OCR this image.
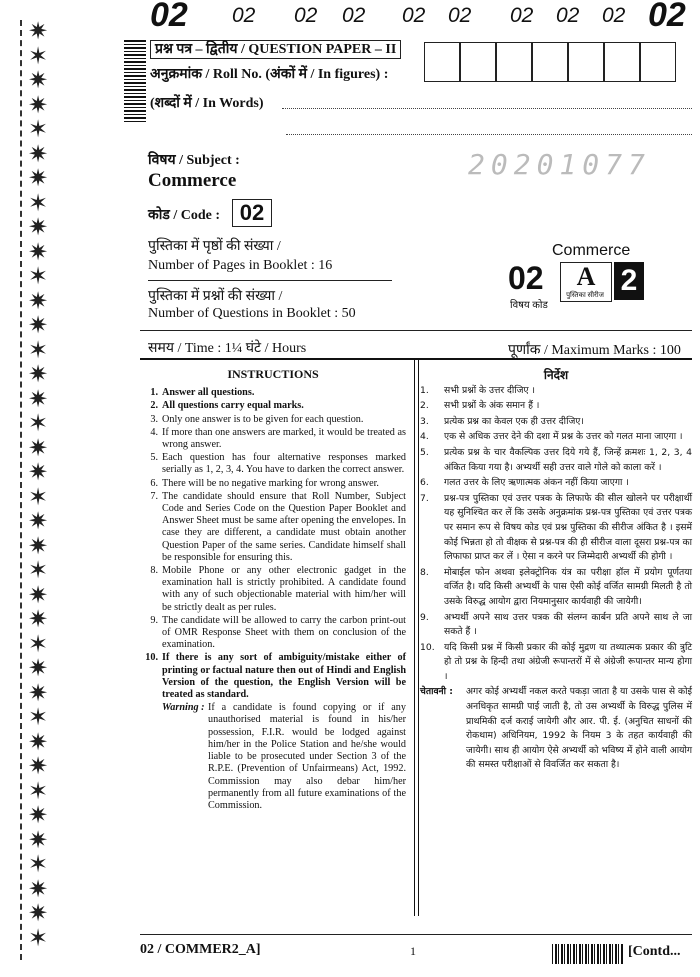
02 02 02 02 02 02 02 02 02 02
✷
✶
✷
✷
✶
✷
✷
✶
✷
✷
✶
✷
✷
✶
✷
✷
✶
✷
✷
✶
✷
✷
✶
✷
✷
✶
✷
✷
✶
✷
✷
✶
✷
✷
✶
✷
✷
✶
प्रश्न पत्र – द्वितीय / QUESTION PAPER – II
अनुक्रमांक / Roll No. (अंकों में / In figures) :
(शब्दों में / In Words)
विषय / Subject :
Commerce	20201077
कोड / Code : 02
पुस्तिका में पृष्ठों की संख्या /
Number of Pages in Booklet : 16
पुस्तिका में प्रश्नों की संख्या /
Number of Questions in Booklet : 50
Commerce
02	A
पुस्तिका सीरीज 2
विषय कोड
समय / Time : 1¼ घंटे / Hours	पूर्णांक / Maximum Marks : 100
INSTRUCTIONS
1. Answer all questions.
2. All questions carry equal marks.
3. Only one answer is to be given for each question.
4. If more than one answers are marked, it would be treated as wrong answer.
5. Each question has four alternative responses marked serially as 1, 2, 3, 4. You have to darken the correct answer.
6. There will be no negative marking for wrong answer.
7. The candidate should ensure that Roll Number, Subject Code and Series Code on the Question Paper Booklet and Answer Sheet must be same after opening the envelopes. In case they are different, a candidate must obtain another Question Paper of the same series. Candidate himself shall be responsible for ensuring this.
8. Mobile Phone or any other electronic gadget in the examination hall is strictly prohibited. A candidate found with any of such objectionable material with him/her will be strictly dealt as per rules.
9. The candidate will be allowed to carry the carbon print-out of OMR Response Sheet with them on conclusion of the examination.
10. If there is any sort of ambiguity/mistake either of printing or factual nature then out of Hindi and English Version of the question, the English Version will be treated as standard.
Warning : If a candidate is found copying or if any unauthorised material is found in his/her possession, F.I.R. would be lodged against him/her in the Police Station and he/she would liable to be prosecuted under Section 3 of the R.P.E. (Prevention of Unfairmeans) Act, 1992. Commission may also debar him/her permanently from all future examinations of the Commission.
निर्देश
1.	सभी प्रश्नों के उत्तर दीजिए ।
2.	सभी प्रश्नों के अंक समान हैं ।
3.	प्रत्येक प्रश्न का केवल एक ही उत्तर दीजिए।
4.	एक से अधिक उत्तर देने की दशा में प्रश्न के उत्तर को गलत माना जाएगा ।
5.	प्रत्येक प्रश्न के चार वैकल्पिक उत्तर दिये गये हैं, जिन्हें क्रमशः 1, 2, 3, 4 अंकित किया गया है। अभ्यर्थी सही उत्तर वाले गोले को काला करें ।
6.	गलत उत्तर के लिए ऋणात्मक अंकन नहीं किया जाएगा ।
7.	प्रश्न-पत्र पुस्तिका एवं उत्तर पत्रक के लिफाफे की सील खोलने पर परीक्षार्थी यह सुनिश्चित कर लें कि उसके अनुक्रमांक प्रश्न-पत्र पुस्तिका एवं उत्तर पत्रक पर समान रूप से विषय कोड एवं प्रश्न पुस्तिका की सीरीज अंकित है । इसमें कोई भिन्नता हो तो वीक्षक से प्रश्न-पत्र की ही सीरीज वाला दूसरा प्रश्न-पत्र का लिफाफा प्राप्त कर लें । ऐसा न करने पर जिम्मेदारी अभ्यर्थी की होगी ।
8.	मोबाईल फोन अथवा इलेक्ट्रोनिक यंत्र का परीक्षा हॉल में प्रयोग पूर्णतया वर्जित है। यदि किसी अभ्यर्थी के पास ऐसी कोई वर्जित सामग्री मिलती है तो उसके विरुद्ध आयोग द्वारा नियमानुसार कार्यवाही की जायेगी।
9.	अभ्यर्थी अपने साथ उत्तर पत्रक की संलग्न कार्बन प्रति अपने साथ ले जा सकते हैं ।
10. यदि किसी प्रश्न में किसी प्रकार की कोई मुद्रण या तथ्यात्मक प्रकार की त्रुटि हो तो प्रश्न के हिन्दी तथा अंग्रेजी रूपान्तरों में से अंग्रेजी रूपान्तर मान्य होगा ।
चेतावनी : अगर कोई अभ्यर्थी नकल करते पकड़ा जाता है या उसके पास से कोई अनधिकृत सामग्री पाई जाती है, तो उस अभ्यर्थी के विरुद्ध पुलिस में प्राथमिकी दर्ज कराई जायेगी और आर. पी. ई. (अनुचित साधनों की रोकथाम) अधिनियम, 1992 के नियम 3 के तहत कार्यवाही की जायेगी। साथ ही आयोग ऐसे अभ्यर्थी को भविष्य में होने वाली आयोग की समस्त परीक्षाओं से विवर्जित कर सकता है।
02 / COMMER2_A]	1	[Contd...
